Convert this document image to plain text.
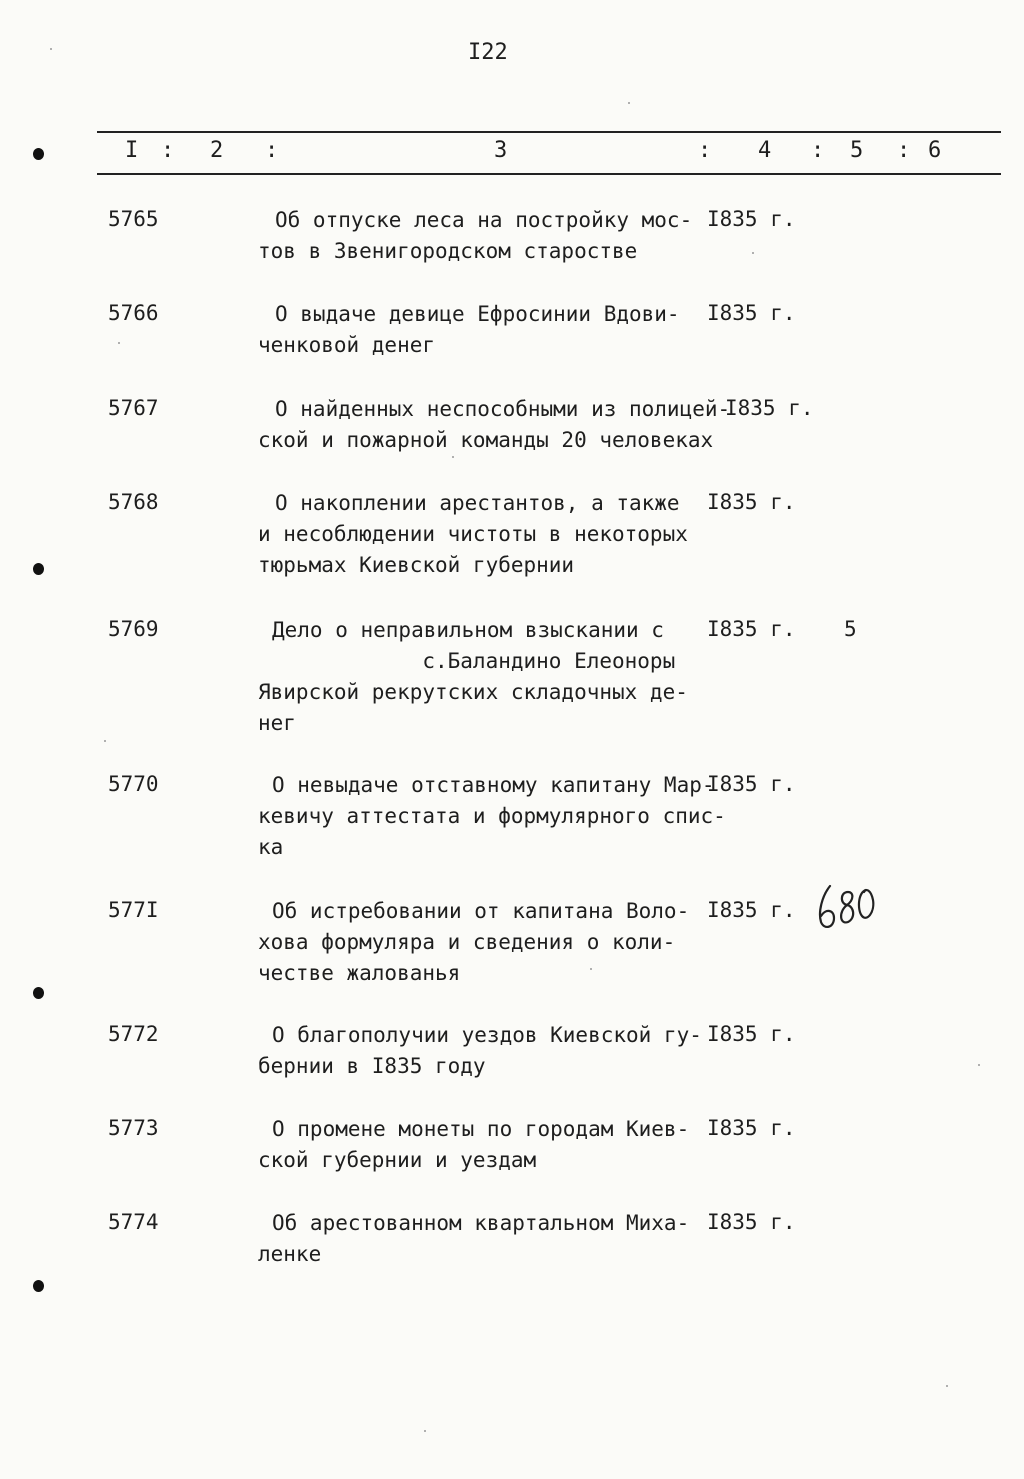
I22
I : 2 :	3	: 4 : 5 : 6
5765	Об отпуске леса на постройку мос-
тов в Звенигородском старостве
I835 г.
5766	О выдаче девице Ефросинии Вдови-
ченковой денег
I835 г.
5767	О найденных неспособными из полицей-
ской и пожарной команды 20 человеках
I835 г.
5768	О накоплении арестантов, а также
и несоблюдении чистоты в некоторых
тюрьмах Киевской губернии
I835 г.
5769	Дело о неправильном взыскании с
с.Баландино Елеоноры
Явирской рекрутских складочных де-
нег
I835 г. 5
5770	О невыдаче отставному капитану Мар-
кевичу аттестата и формулярного спис-
ка
I835 г.
577I	Об истребовании от капитана Воло-
хова формуляра и сведения о коли-
честве жалованья
I835 г.
5772	О благополучии уездов Киевской гу-
бернии в I835 году
I835 г.
5773	О промене монеты по городам Киев-
ской губернии и уездам
I835 г.
5774	Об арестованном квартальном Миха-
ленке
I835 г.
